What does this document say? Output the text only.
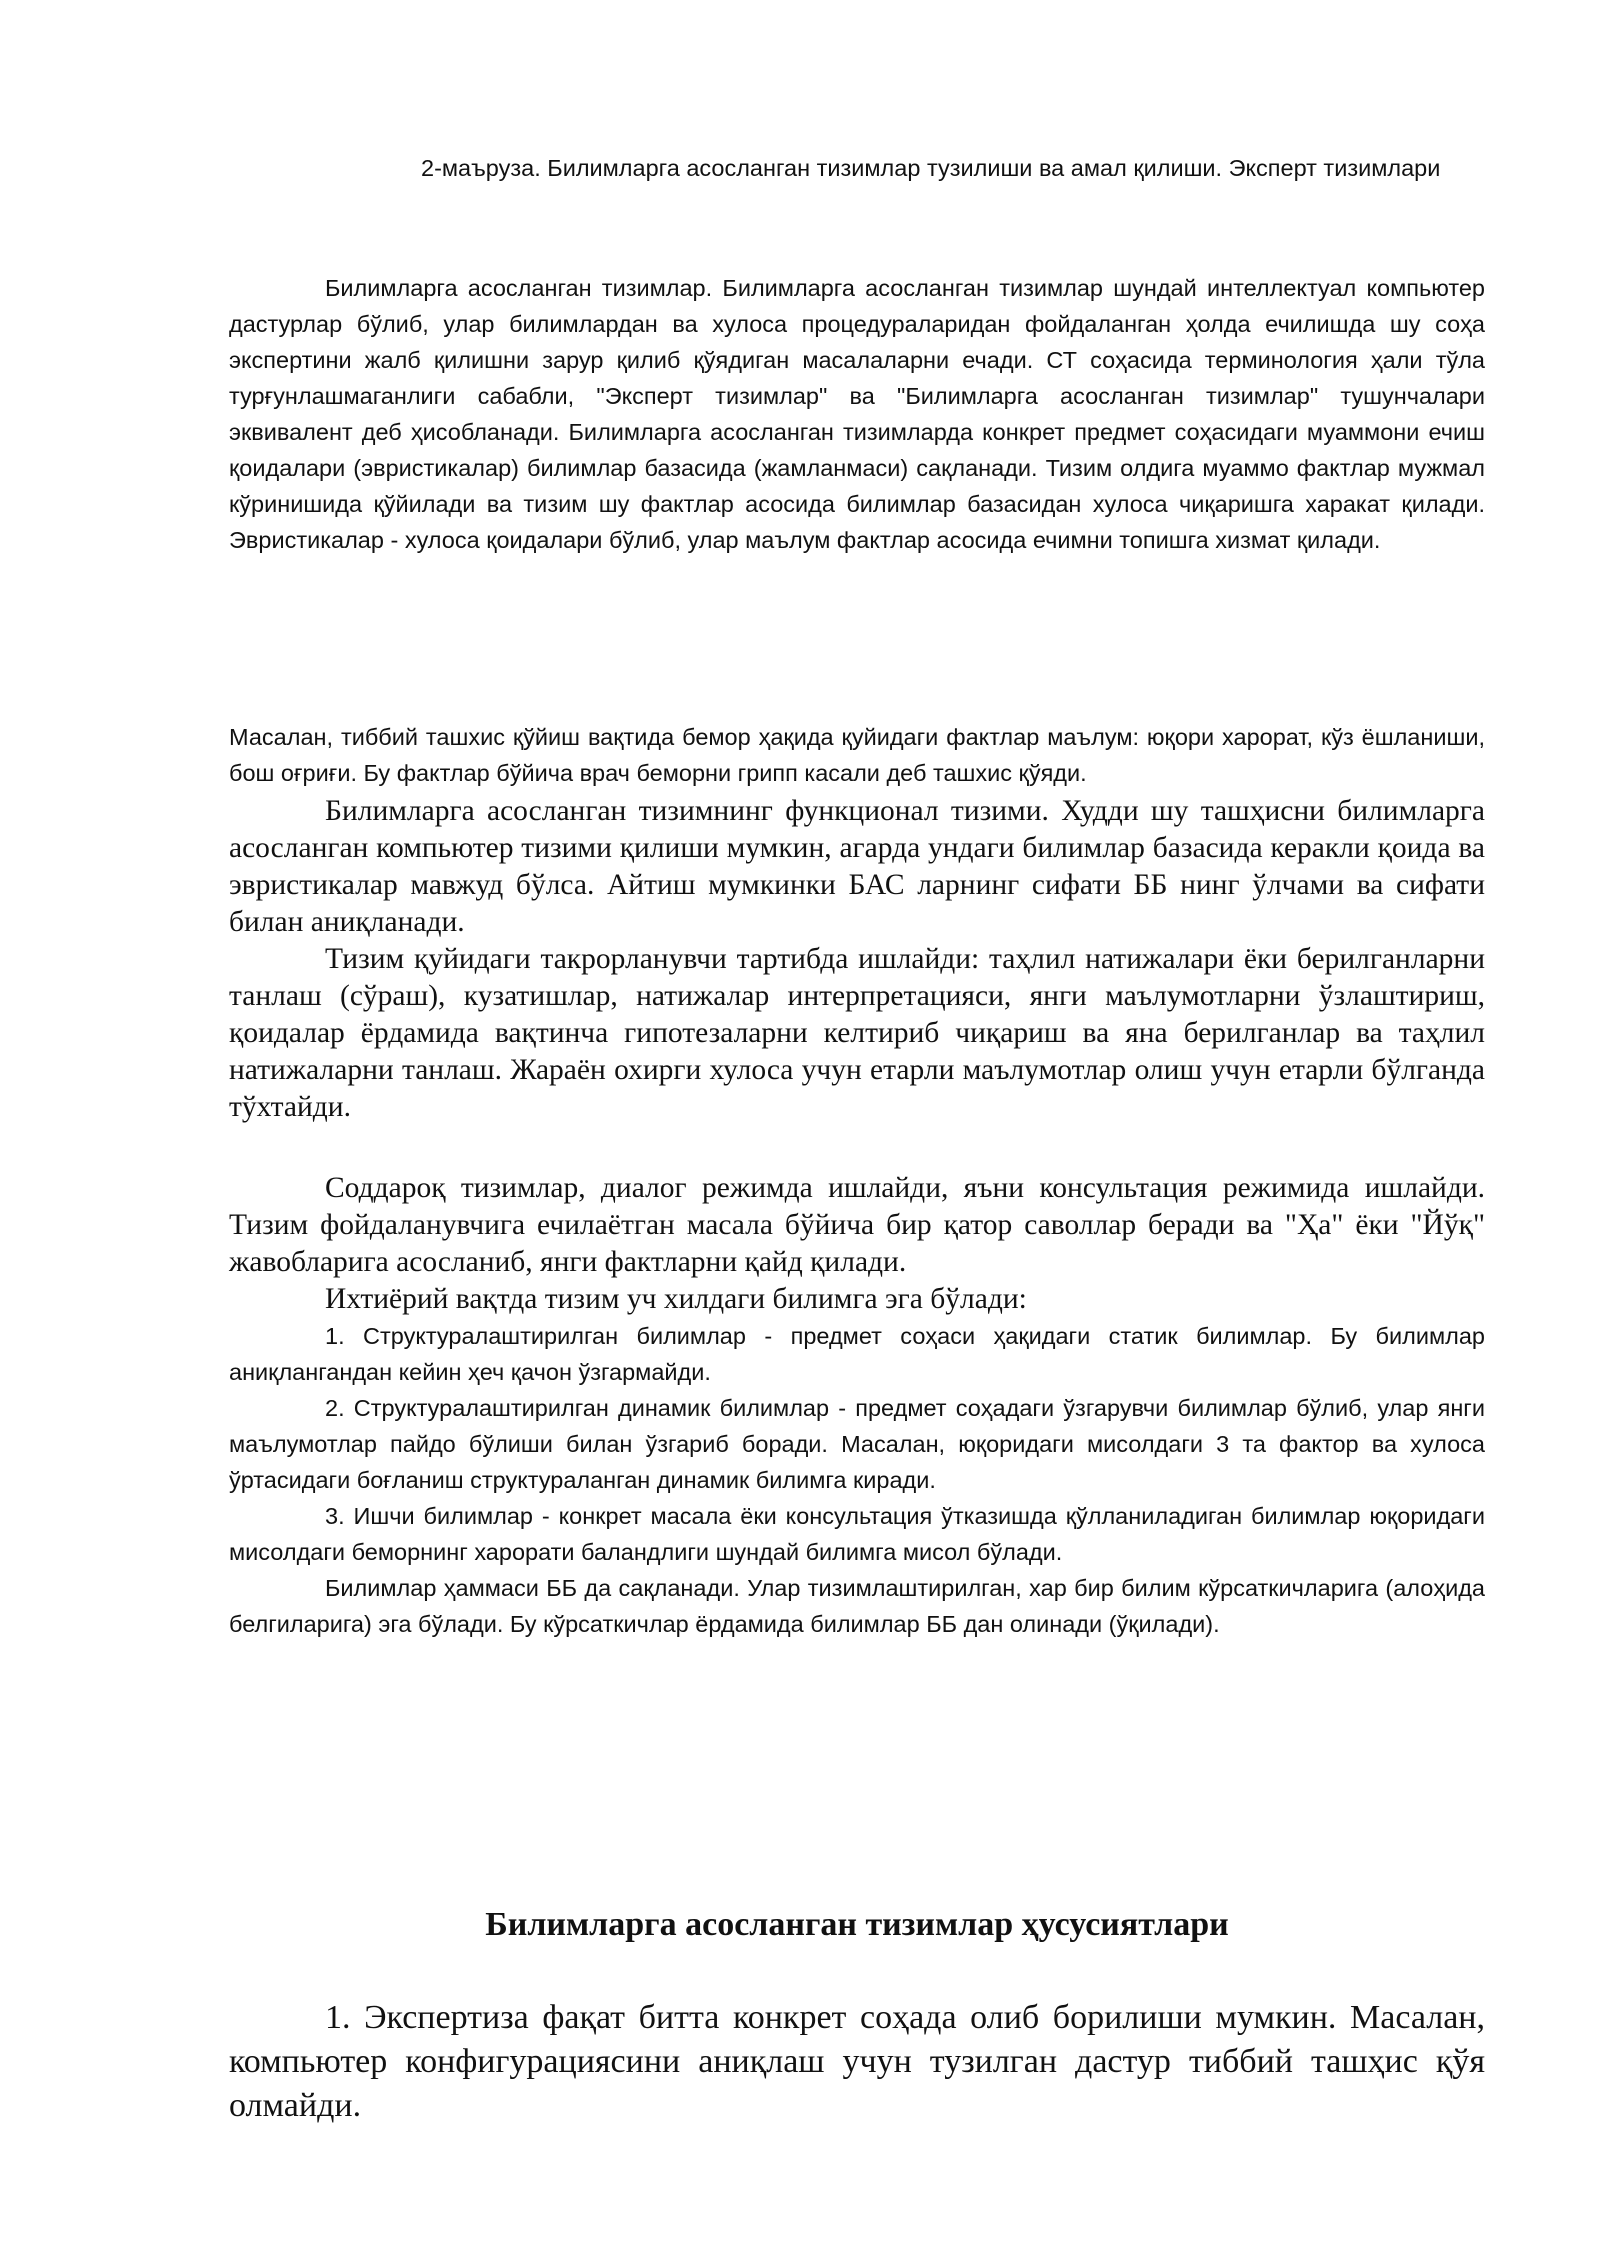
2-маъруза. Билимларга асосланган тизимлар тузилиши ва амал қилиши. Эксперт тизимлари

Билимларга асосланган тизимлар. Билимларга асосланган тизимлар шундай интеллектуал компьютер дастурлар бўлиб, улар билимлардан ва хулоса процедураларидан фойдаланган ҳолда ечилишда шу соҳа экспертини жалб қилишни зарур қилиб қўядиган масалаларни ечади. СТ соҳасида терминология ҳали тўла турғунлашмаганлиги сабабли, "Эксперт тизимлар" ва "Билимларга асосланган тизимлар" тушунчалари эквивалент деб ҳисобланади. Билимларга асосланган тизимларда конкрет предмет соҳасидаги муаммони ечиш қоидалари (эвристикалар) билимлар базасида (жамланмаси) сақланади. Тизим олдига муаммо фактлар мужмал кўринишида қўйилади ва тизим шу фактлар асосида билимлар базасидан хулоса чиқаришга харакат қилади. Эвристикалар - хулоса қоидалари бўлиб, улар маълум фактлар асосида ечимни топишга хизмат қилади.

Масалан, тиббий ташхис қўйиш вақтида бемор ҳақида қуйидаги фактлар маълум: юқори харорат, кўз ёшланиши, бош оғриғи. Бу фактлар бўйича врач беморни грипп касали деб ташхис қўяди.

Билимларга асосланган тизимнинг функционал тизими. Худди шу ташҳисни билимларга асосланган компьютер тизими қилиши мумкин, агарда ундаги билимлар базасида керакли қоида ва эвристикалар мавжуд бўлса. Айтиш мумкинки БАС ларнинг сифати ББ нинг ўлчами ва сифати билан аниқланади.

Тизим қуйидаги такрорланувчи тартибда ишлайди: таҳлил натижалари ёки берилганларни танлаш (сўраш), кузатишлар, натижалар интерпретацияси, янги маълумотларни ўзлаштириш, қоидалар ёрдамида вақтинча гипотезаларни келтириб чиқариш ва яна берилганлар ва таҳлил натижаларни танлаш. Жараён охирги хулоса учун етарли маълумотлар олиш учун етарли бўлганда тўхтайди.

Соддароқ тизимлар, диалог режимда ишлайди, яъни консультация режимида ишлайди. Тизим фойдаланувчига ечилаётган масала бўйича бир қатор саволлар беради ва "Ҳа" ёки "Йўқ" жавобларига асосланиб, янги фактларни қайд қилади.

Ихтиёрий вақтда тизим уч хилдаги билимга эга бўлади:

1. Структуралаштирилган билимлар - предмет соҳаси ҳақидаги статик билимлар. Бу билимлар аниқлангандан кейин ҳеч қачон ўзгармайди.

2. Структуралаштирилган динамик билимлар - предмет соҳадаги ўзгарувчи билимлар бўлиб, улар янги маълумотлар пайдо бўлиши билан ўзгариб боради. Масалан, юқоридаги мисолдаги 3 та фактор ва хулоса ўртасидаги боғланиш структураланган динамик билимга киради.

3. Ишчи билимлар - конкрет масала ёки консультация ўтказишда қўлланиладиган билимлар юқоридаги мисолдаги беморнинг харорати баландлиги шундай билимга мисол бўлади.

Билимлар ҳаммаси ББ да сақланади. Улар тизимлаштирилган, хар бир билим кўрсаткичларига (алоҳида белгиларига) эга бўлади. Бу кўрсаткичлар ёрдамида билимлар ББ дан олинади (ўқилади).

Билимларга асосланган тизимлар ҳусусиятлари

1. Экспертиза фақат битта конкрет соҳада олиб борилиши мумкин. Масалан, компьютер конфигурациясини аниқлаш учун тузилган дастур тиббий ташҳис қўя олмайди.
